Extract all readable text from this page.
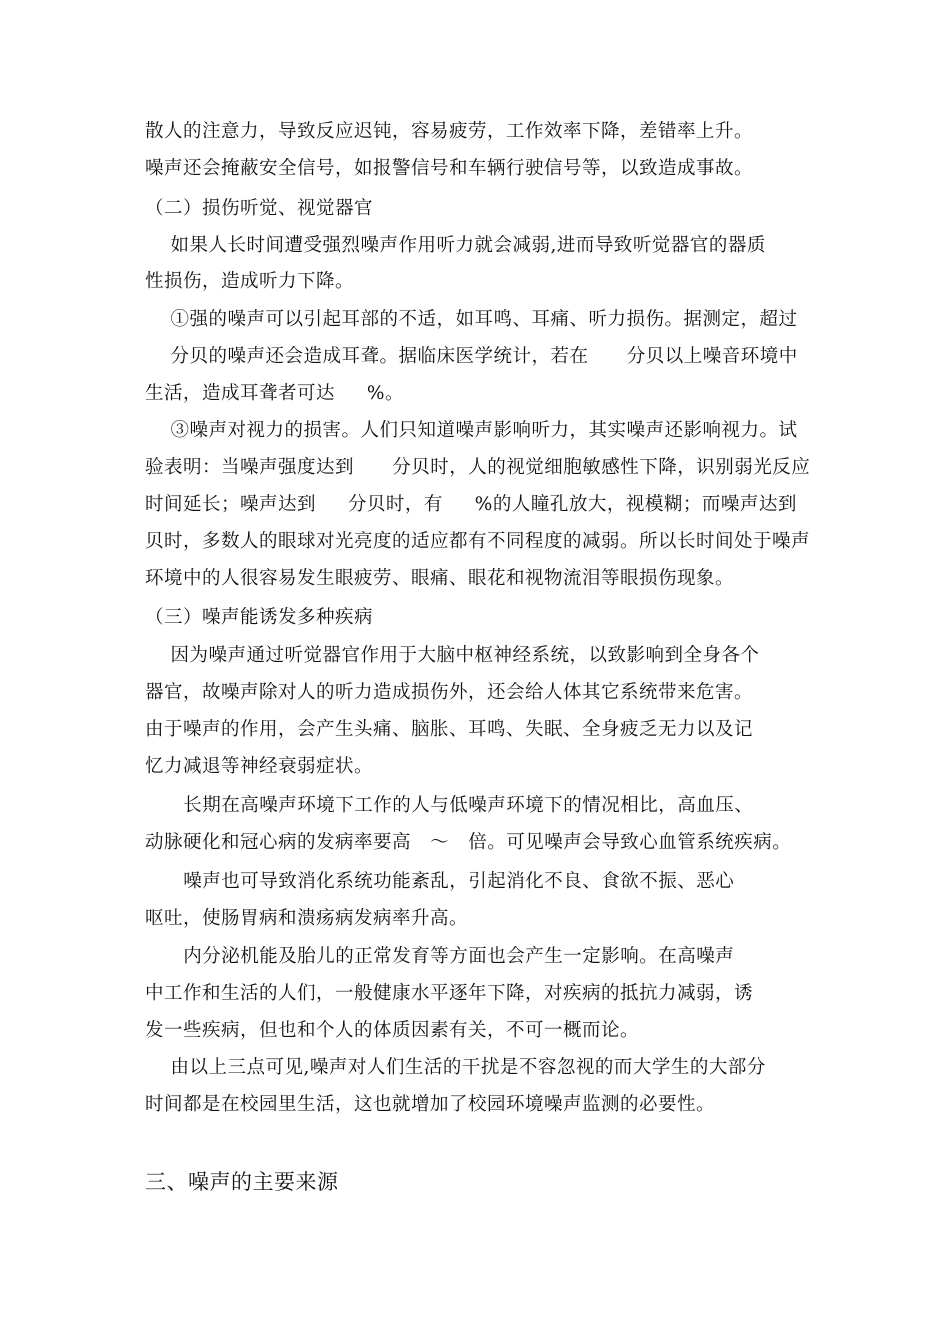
散人的注意力，导致反应迟钝，容易疲劳，工作效率下降，差错率上升。
噪声还会掩蔽安全信号，如报警信号和车辆行驶信号等，以致造成事故。
（二）损伤听觉、视觉器官
如果人长时间遭受强烈噪声作用听力就会减弱,进而导致听觉器官的器质
性损伤，造成听力下降。
①强的噪声可以引起耳部的不适，如耳鸣、耳痛、听力损伤。据测定，超过
分贝的噪声还会造成耳聋。据临床医学统计，若在      分贝以上噪音环境中
生活，造成耳聋者可达     %。
③噪声对视力的损害。人们只知道噪声影响听力，其实噪声还影响视力。试
验表明：当噪声强度达到      分贝时，人的视觉细胞敏感性下降，识别弱光反应
时间延长；噪声达到     分贝时，有     %的人瞳孔放大，视模糊；而噪声达到
贝时，多数人的眼球对光亮度的适应都有不同程度的减弱。所以长时间处于噪声
环境中的人很容易发生眼疲劳、眼痛、眼花和视物流泪等眼损伤现象。
（三）噪声能诱发多种疾病
因为噪声通过听觉器官作用于大脑中枢神经系统，以致影响到全身各个
器官，故噪声除对人的听力造成损伤外，还会给人体其它系统带来危害。
由于噪声的作用，会产生头痛、脑胀、耳鸣、失眠、全身疲乏无力以及记
忆力减退等神经衰弱症状。
长期在高噪声环境下工作的人与低噪声环境下的情况相比，高血压、
动脉硬化和冠心病的发病率要高   ～   倍。可见噪声会导致心血管系统疾病。
噪声也可导致消化系统功能紊乱，引起消化不良、食欲不振、恶心
呕吐，使肠胃病和溃疡病发病率升高。
内分泌机能及胎儿的正常发育等方面也会产生一定影响。在高噪声
中工作和生活的人们，一般健康水平逐年下降，对疾病的抵抗力减弱，诱
发一些疾病，但也和个人的体质因素有关，不可一概而论。
由以上三点可见,噪声对人们生活的干扰是不容忽视的而大学生的大部分
时间都是在校园里生活，这也就增加了校园环境噪声监测的必要性。
三、噪声的主要来源
